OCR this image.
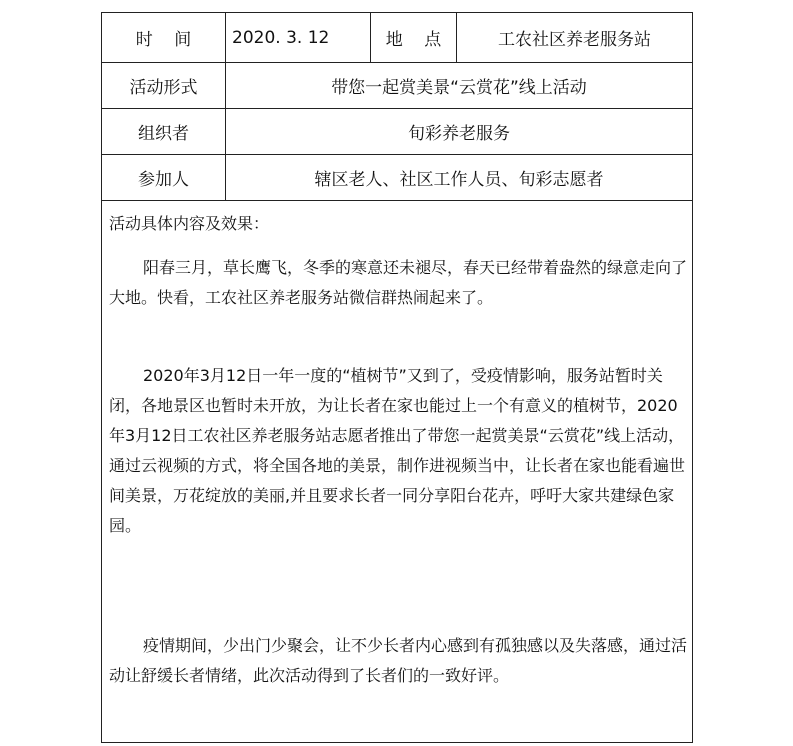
时    间	2020. 3. 12	地    点	工农社区养老服务站
活动形式	带您一起赏美景“云赏花”线上活动
组织者	旬彩养老服务
参加人	辖区老人、社区工作人员、旬彩志愿者
活动具体内容及效果：
阳春三月，草长鹰飞，冬季的寒意还未褪尽，春天已经带着盎然的绿意走向了大地。快看，工农社区养老服务站微信群热闹起来了。
2020年3月12日一年一度的“植树节”又到了，受疫情影响，服务站暂时关闭，各地景区也暂时未开放，为让长者在家也能过上一个有意义的植树节，2020年3月12日工农社区养老服务站志愿者推出了带您一起赏美景“云赏花”线上活动，通过云视频的方式，将全国各地的美景，制作进视频当中，让长者在家也能看遍世间美景，万花绽放的美丽,并且要求长者一同分享阳台花卉，呼吁大家共建绿色家园。
疫情期间，少出门少聚会，让不少长者内心感到有孤独感以及失落感，通过活动让舒缓长者情绪，此次活动得到了长者们的一致好评。
